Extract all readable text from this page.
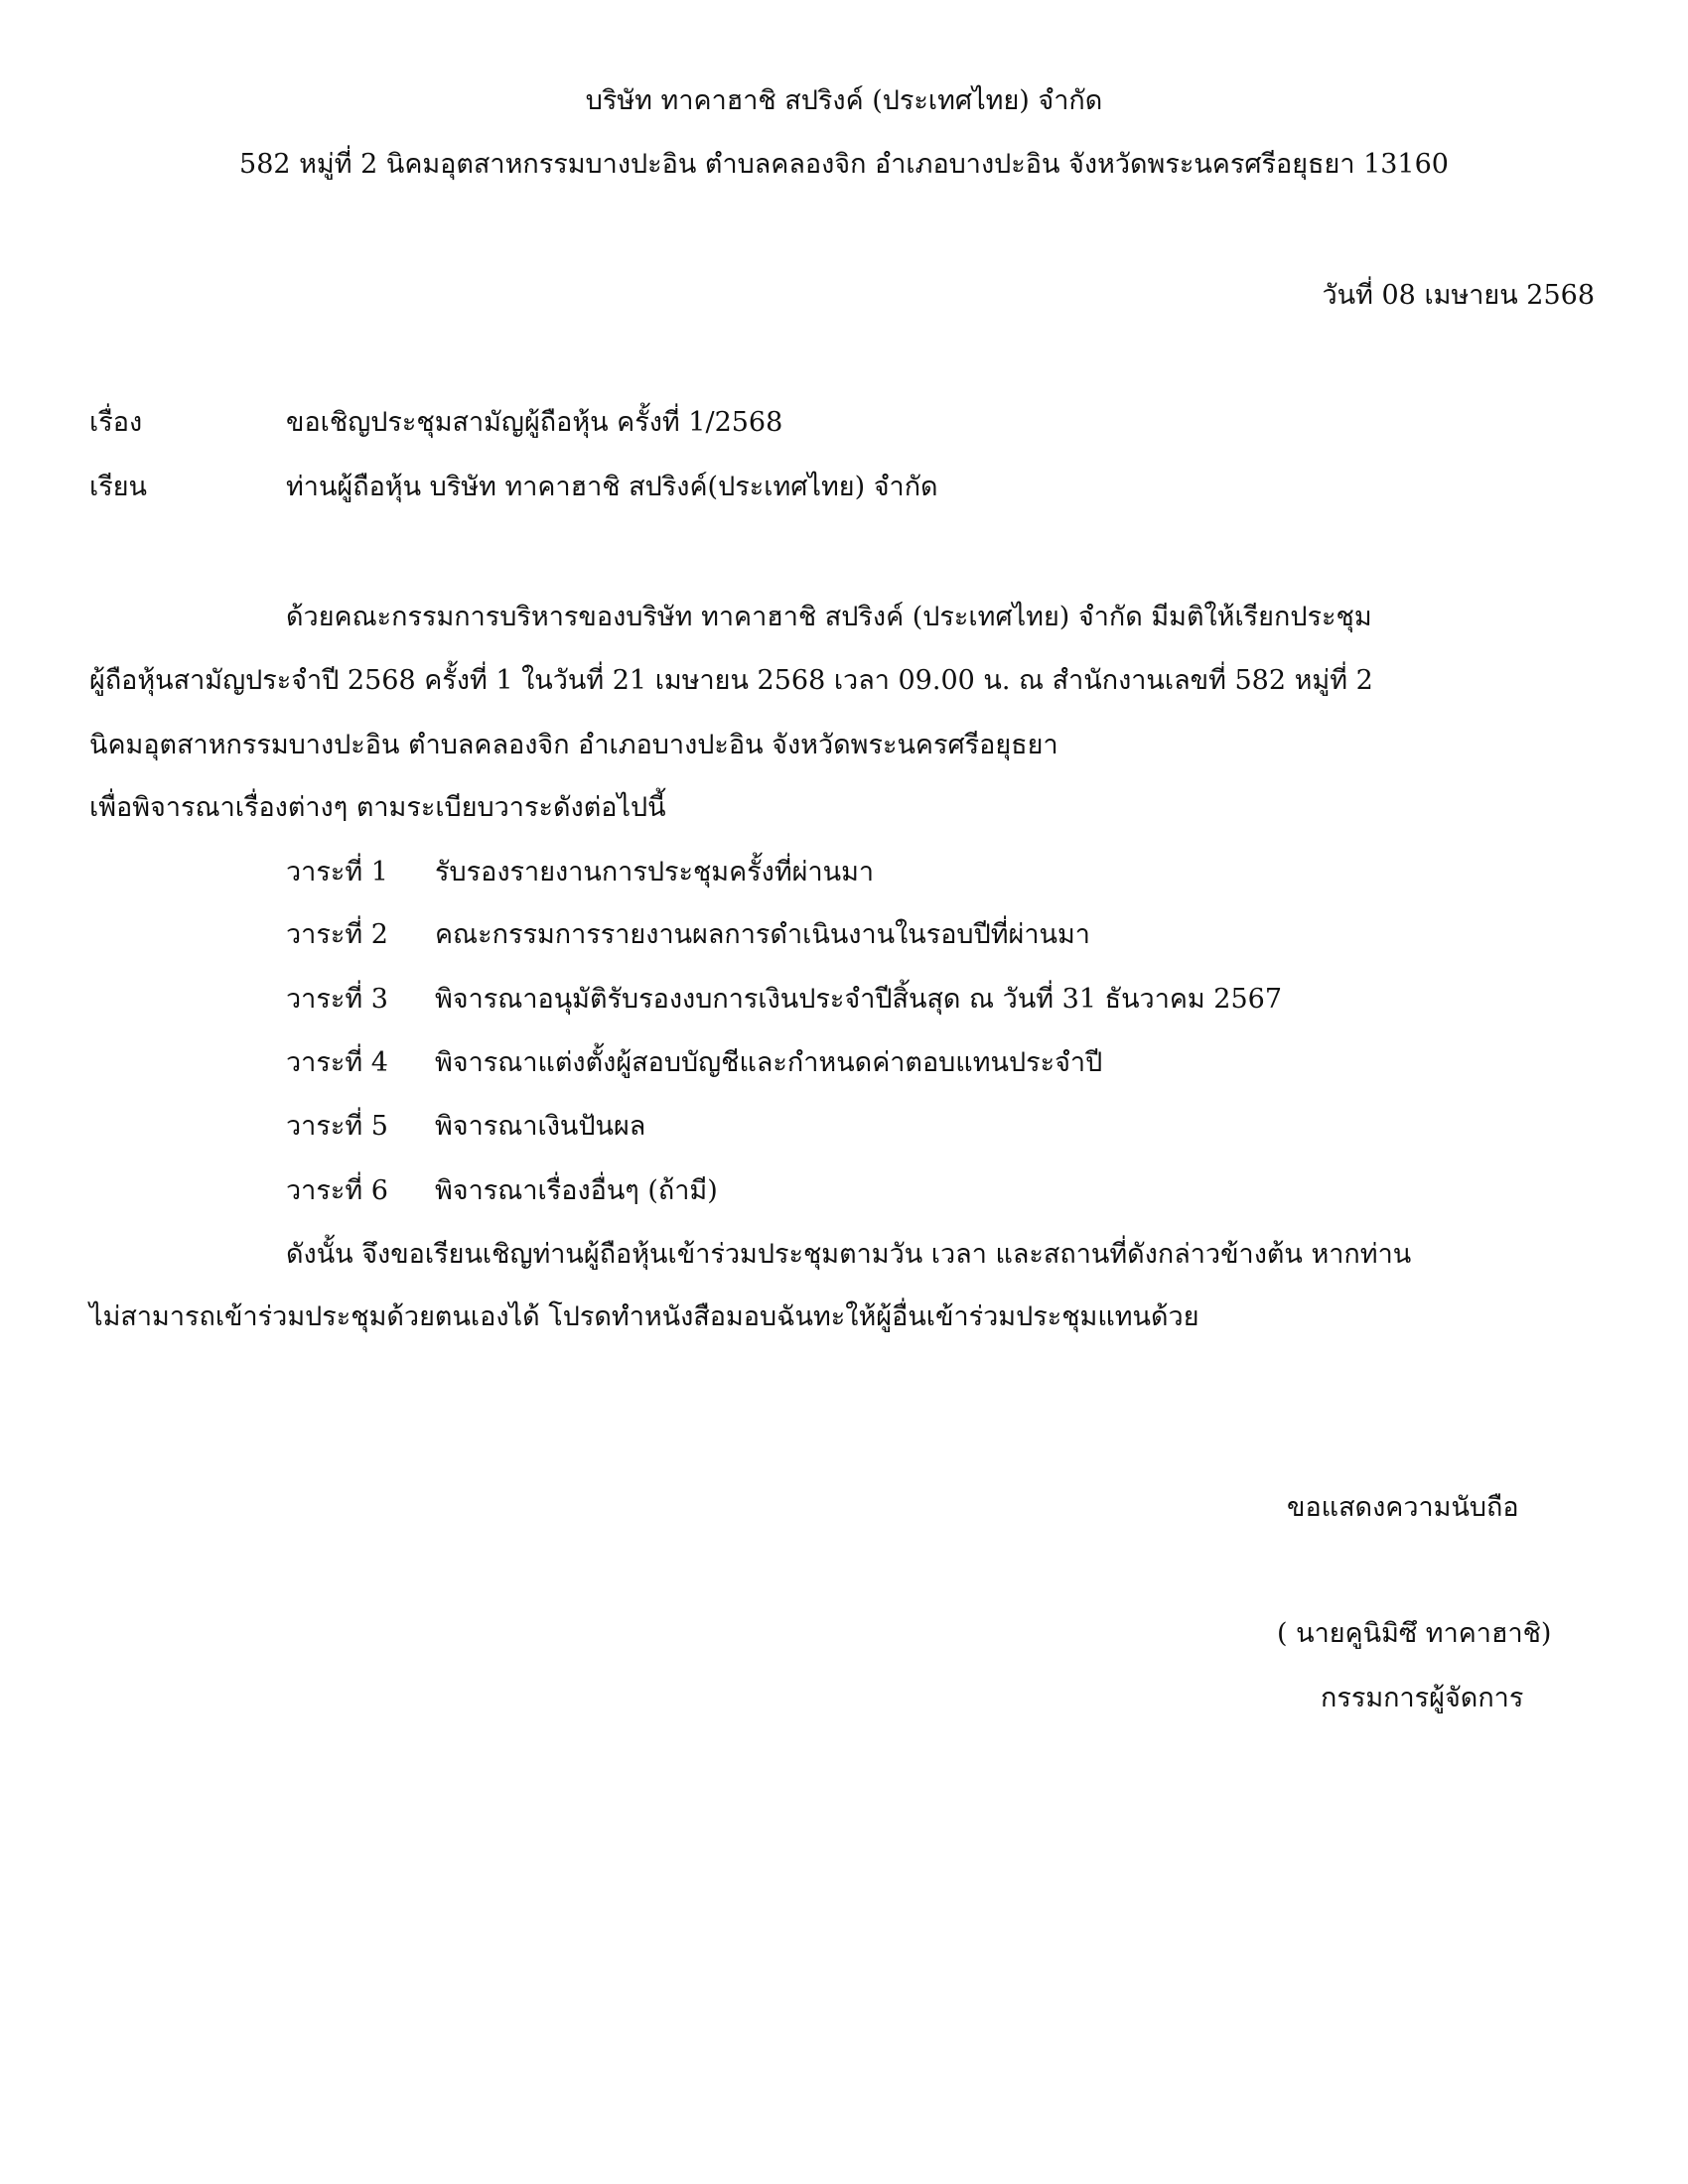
บริษัท ทาคาฮาชิ สปริงค์ (ประเทศไทย) จำกัด
582 หมู่ที่ 2 นิคมอุตสาหกรรมบางปะอิน ตำบลคลองจิก อำเภอบางปะอิน จังหวัดพระนครศรีอยุธยา 13160
วันที่ 08 เมษายน 2568
เรื่อง	ขอเชิญประชุมสามัญผู้ถือหุ้น ครั้งที่ 1/2568
เรียน	ท่านผู้ถือหุ้น บริษัท ทาคาฮาชิ สปริงค์(ประเทศไทย) จำกัด
ด้วยคณะกรรมการบริหารของบริษัท ทาคาฮาชิ สปริงค์ (ประเทศไทย) จำกัด มีมติให้เรียกประชุม
ผู้ถือหุ้นสามัญประจำปี 2568 ครั้งที่ 1 ในวันที่ 21 เมษายน 2568 เวลา 09.00 น. ณ สำนักงานเลขที่ 582 หมู่ที่ 2
นิคมอุตสาหกรรมบางปะอิน ตำบลคลองจิก อำเภอบางปะอิน จังหวัดพระนครศรีอยุธยา
เพื่อพิจารณาเรื่องต่างๆ ตามระเบียบวาระดังต่อไปนี้
วาระที่ 1 รับรองรายงานการประชุมครั้งที่ผ่านมา
วาระที่ 2 คณะกรรมการรายงานผลการดำเนินงานในรอบปีที่ผ่านมา
วาระที่ 3 พิจารณาอนุมัติรับรองงบการเงินประจำปีสิ้นสุด ณ วันที่ 31 ธันวาคม 2567
วาระที่ 4 พิจารณาแต่งตั้งผู้สอบบัญชีและกำหนดค่าตอบแทนประจำปี
วาระที่ 5 พิจารณาเงินปันผล
วาระที่ 6 พิจารณาเรื่องอื่นๆ (ถ้ามี)
ดังนั้น จึงขอเรียนเชิญท่านผู้ถือหุ้นเข้าร่วมประชุมตามวัน เวลา และสถานที่ดังกล่าวข้างต้น หากท่าน
ไม่สามารถเข้าร่วมประชุมด้วยตนเองได้ โปรดทำหนังสือมอบฉันทะให้ผู้อื่นเข้าร่วมประชุมแทนด้วย
ขอแสดงความนับถือ
( นายคูนิมิซึ ทาคาฮาชิ)
กรรมการผู้จัดการ
